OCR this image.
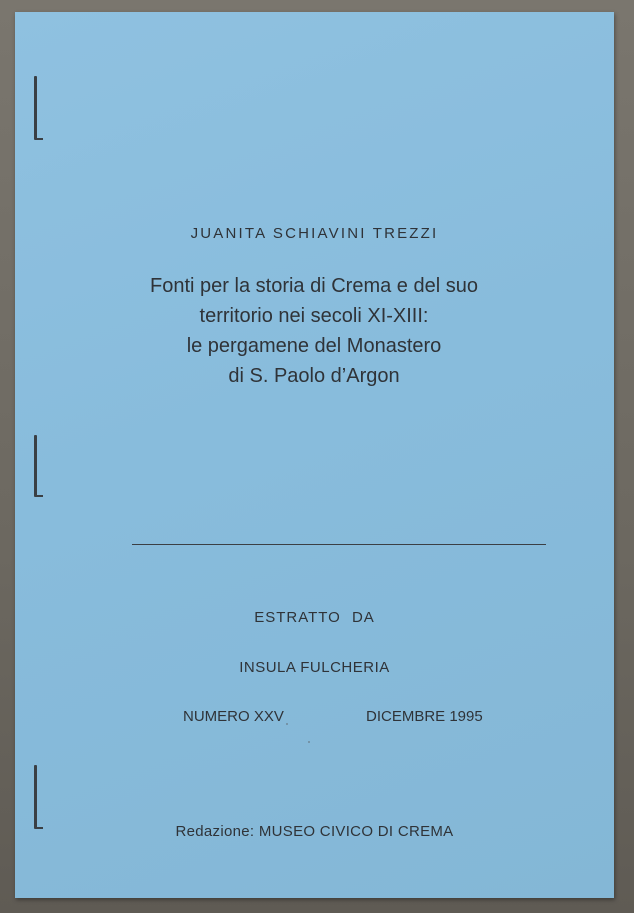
JUANITA SCHIAVINI TREZZI
Fonti per la storia di Crema e del suo
territorio nei secoli XI-XIII:
le pergamene del Monastero
di S. Paolo d’Argon
ESTRATTO DA
INSULA FULCHERIA
NUMERO XXV	DICEMBRE 1995
Redazione: MUSEO CIVICO DI CREMA
